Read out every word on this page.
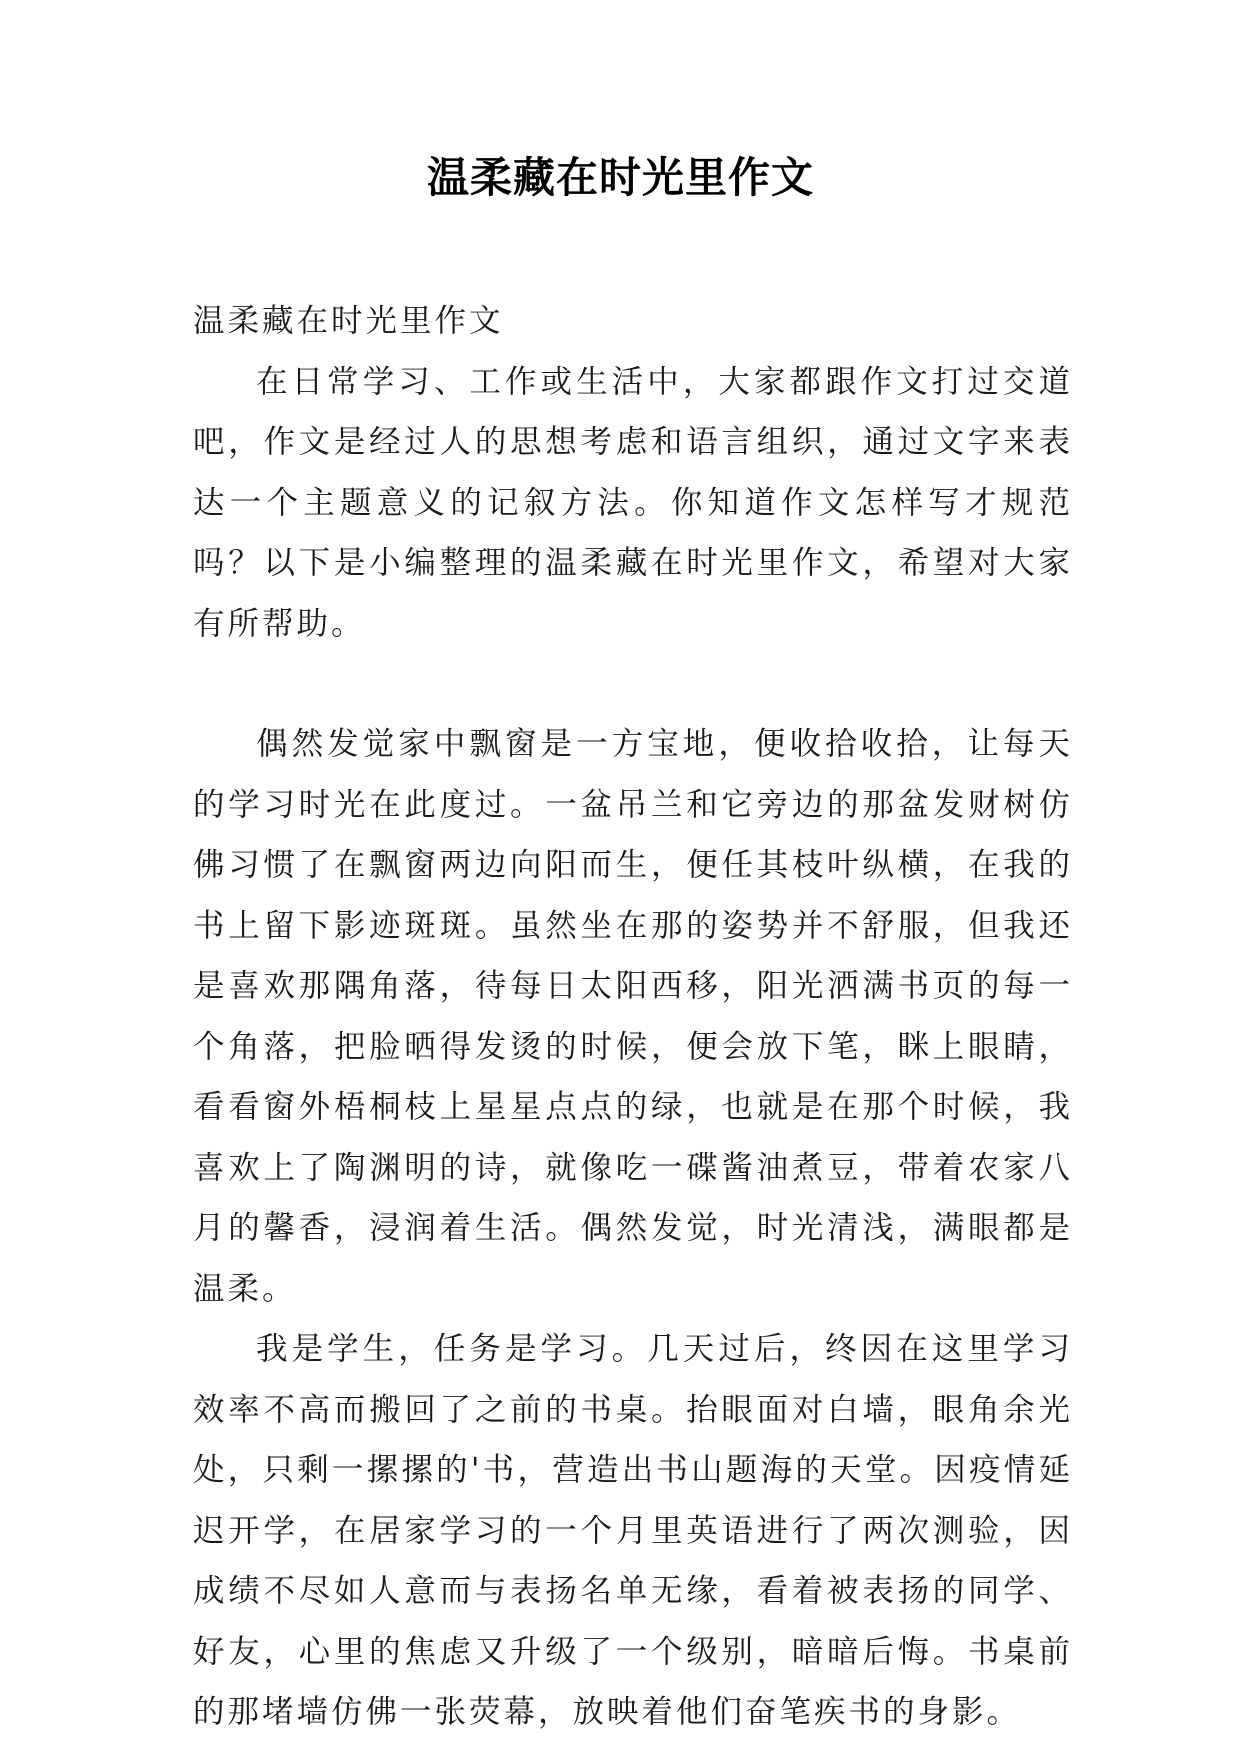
温柔藏在时光里作文

温柔藏在时光里作文

在日常学习、工作或生活中，大家都跟作文打过交道吧，作文是经过人的思想考虑和语言组织，通过文字来表达一个主题意义的记叙方法。你知道作文怎样写才规范吗？以下是小编整理的温柔藏在时光里作文，希望对大家有所帮助。

偶然发觉家中飘窗是一方宝地，便收拾收拾，让每天的学习时光在此度过。一盆吊兰和它旁边的那盆发财树仿佛习惯了在飘窗两边向阳而生，便任其枝叶纵横，在我的书上留下影迹斑斑。虽然坐在那的姿势并不舒服，但我还是喜欢那隅角落，待每日太阳西移，阳光洒满书页的每一个角落，把脸晒得发烫的时候，便会放下笔，眯上眼睛，看看窗外梧桐枝上星星点点的绿，也就是在那个时候，我喜欢上了陶渊明的诗，就像吃一碟酱油煮豆，带着农家八月的馨香，浸润着生活。偶然发觉，时光清浅，满眼都是温柔。

我是学生，任务是学习。几天过后，终因在这里学习效率不高而搬回了之前的书桌。抬眼面对白墙，眼角余光处，只剩一摞摞的'书，营造出书山题海的天堂。因疫情延迟开学，在居家学习的一个月里英语进行了两次测验，因成绩不尽如人意而与表扬名单无缘，看着被表扬的同学、好友，心里的焦虑又升级了一个级别，暗暗后悔。书桌前的那堵墙仿佛一张荧幕，放映着他们奋笔疾书的身影。
